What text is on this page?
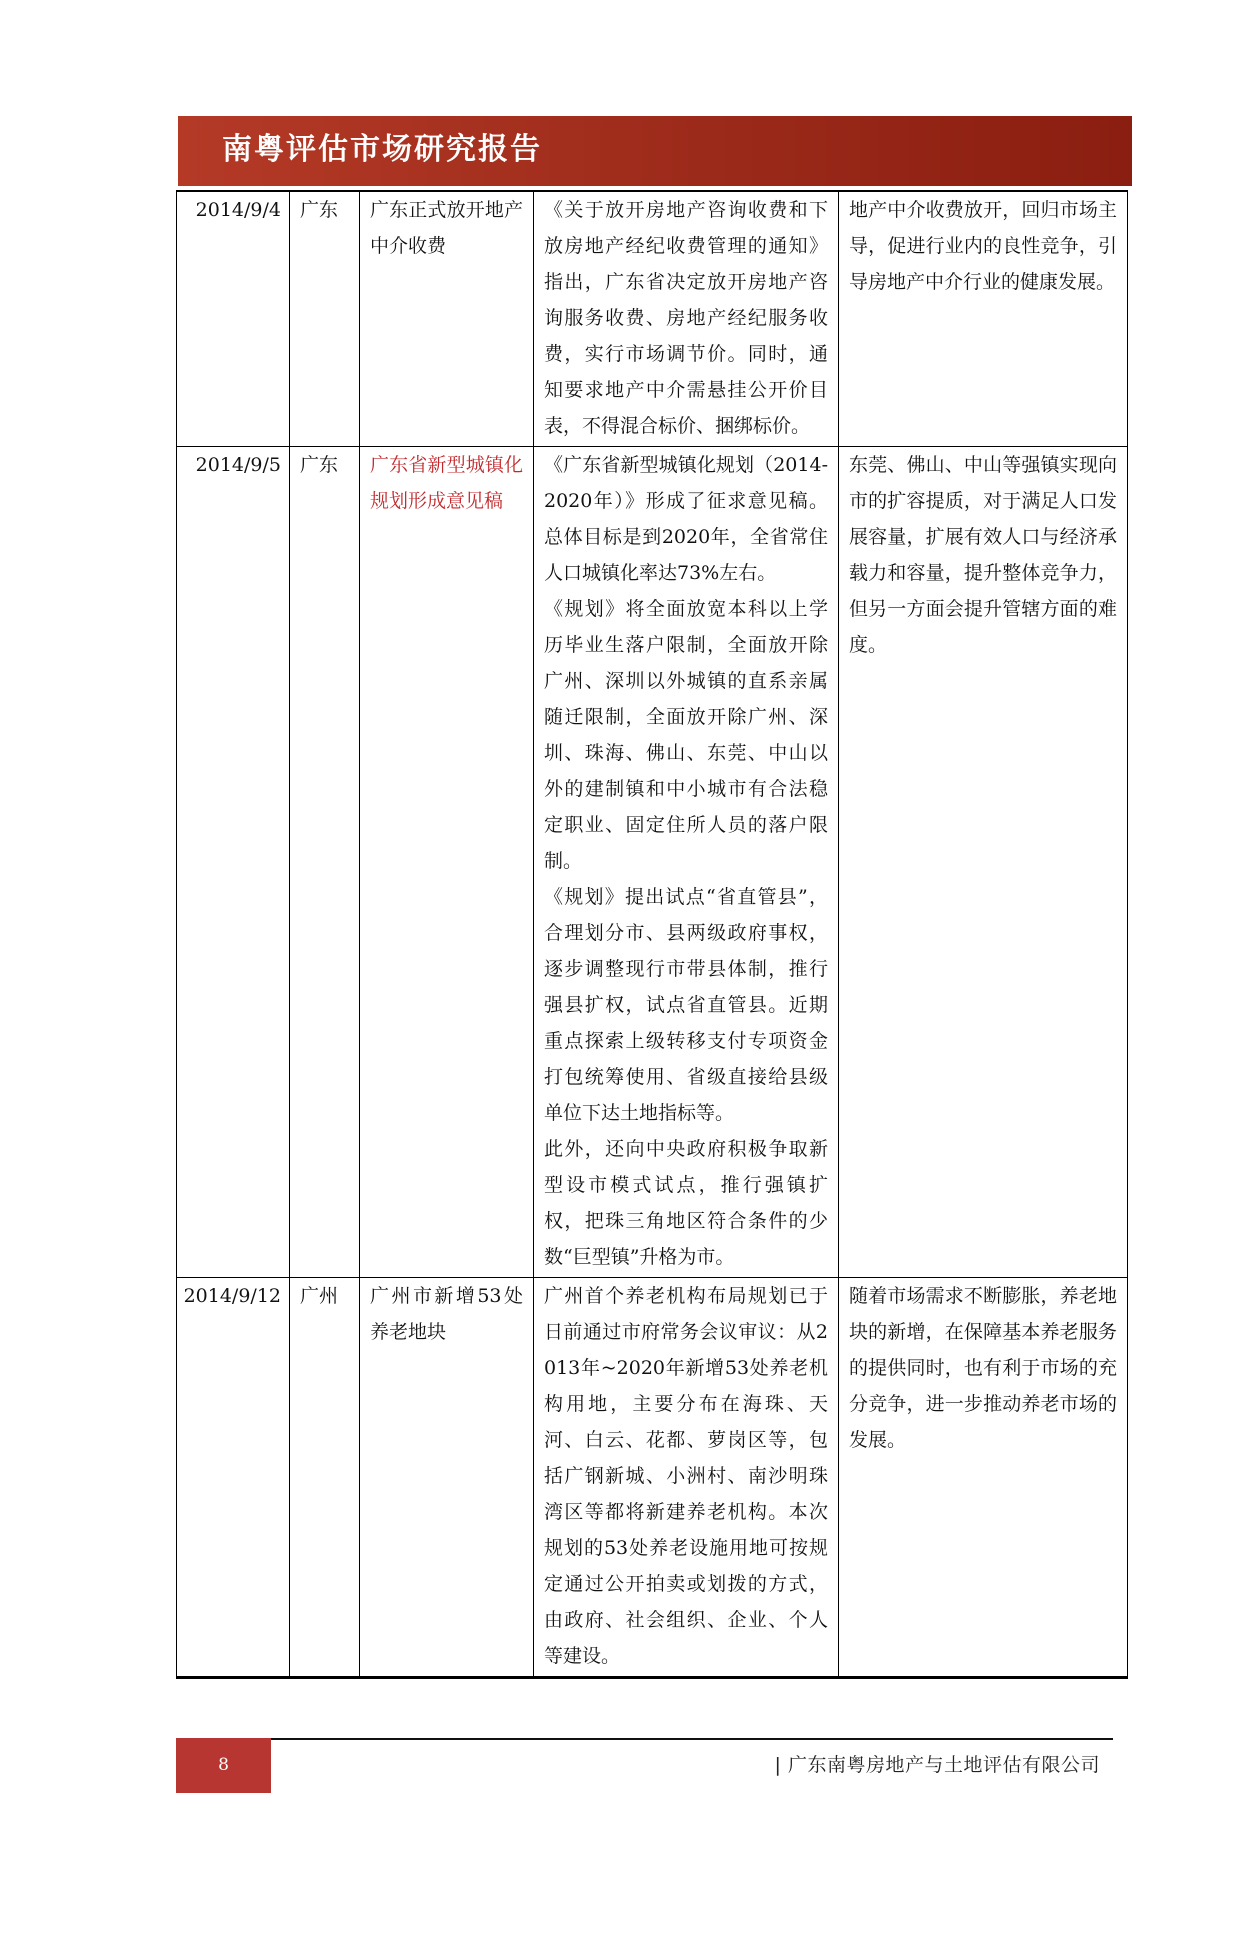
南粤评估市场研究报告
2014/9/4	广东	广东正式放开地产中介收费	《关于放开房地产咨询收费和下放房地产经纪收费管理的通知》指出，广东省决定放开房地产咨询服务收费、房地产经纪服务收费，实行市场调节价。同时，通知要求地产中介需悬挂公开价目表，不得混合标价、捆绑标价。	地产中介收费放开，回归市场主导，促进行业内的良性竞争，引导房地产中介行业的健康发展。
2014/9/5	广东	广东省新型城镇化规划形成意见稿	《广东省新型城镇化规划（2014-2020年）》形成了征求意见稿。总体目标是到2020年，全省常住人口城镇化率达73%左右。
《规划》将全面放宽本科以上学历毕业生落户限制，全面放开除广州、深圳以外城镇的直系亲属随迁限制，全面放开除广州、深圳、珠海、佛山、东莞、中山以外的建制镇和中小城市有合法稳定职业、固定住所人员的落户限制。
《规划》提出试点“省直管县”，合理划分市、县两级政府事权，逐步调整现行市带县体制，推行强县扩权，试点省直管县。近期重点探索上级转移支付专项资金打包统筹使用、省级直接给县级单位下达土地指标等。
此外，还向中央政府积极争取新型设市模式试点，推行强镇扩权，把珠三角地区符合条件的少数“巨型镇”升格为市。	东莞、佛山、中山等强镇实现向市的扩容提质，对于满足人口发展容量，扩展有效人口与经济承载力和容量，提升整体竞争力，但另一方面会提升管辖方面的难度。
2014/9/12	广州	广州市新增53处养老地块	广州首个养老机构布局规划已于日前通过市府常务会议审议：从2013年~2020年新增53处养老机构用地，主要分布在海珠、天河、白云、花都、萝岗区等，包括广钢新城、小洲村、南沙明珠湾区等都将新建养老机构。本次规划的53处养老设施用地可按规定通过公开拍卖或划拨的方式，由政府、社会组织、企业、个人等建设。	随着市场需求不断膨胀，养老地块的新增，在保障基本养老服务的提供同时，也有利于市场的充分竞争，进一步推动养老市场的发展。
8	| 广东南粤房地产与土地评估有限公司
